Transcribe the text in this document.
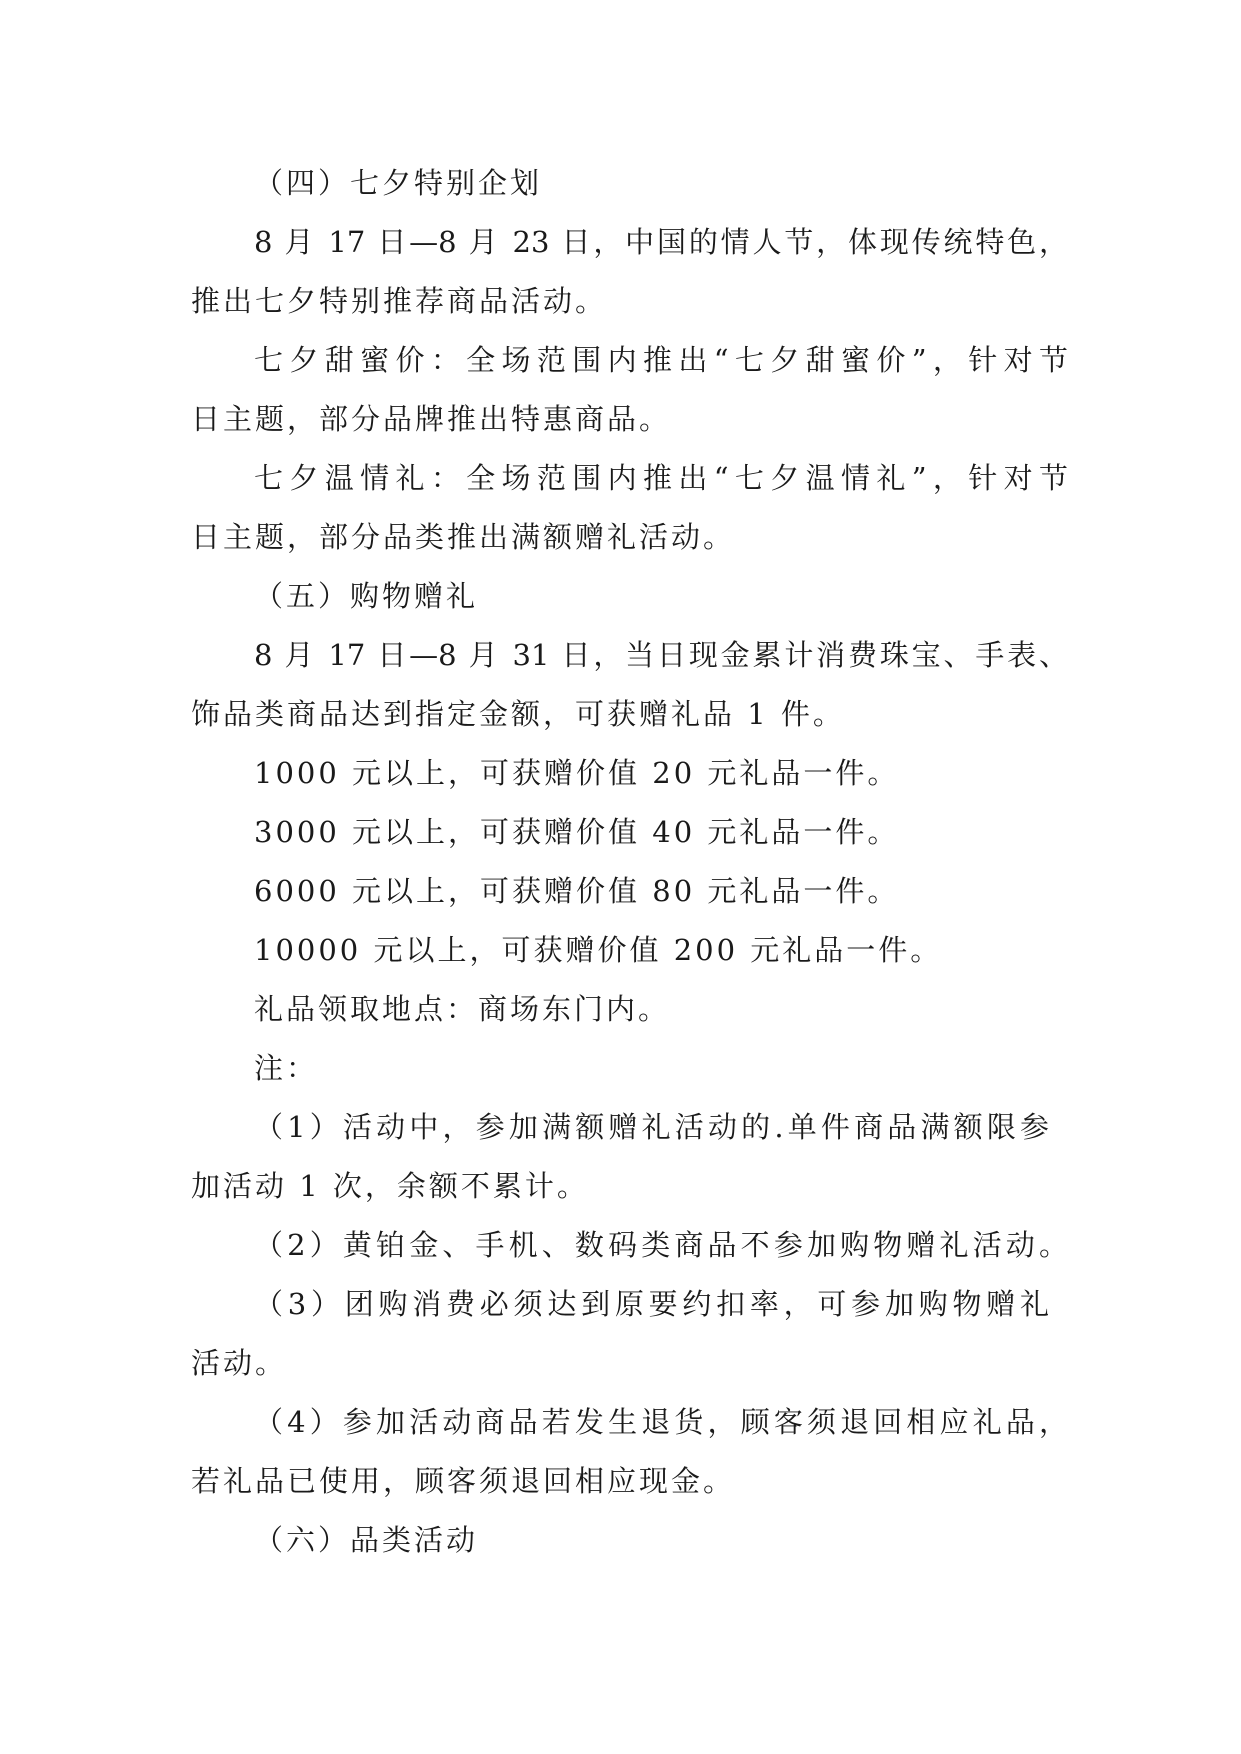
（四）七夕特别企划
8 月 17 日—8 月 23 日，中国的情人节，体现传统特色，
推出七夕特别推荐商品活动。
七夕甜蜜价：全场范围内推出“七夕甜蜜价”，针对节
日主题，部分品牌推出特惠商品。
七夕温情礼：全场范围内推出“七夕温情礼”，针对节
日主题，部分品类推出满额赠礼活动。
（五）购物赠礼
8 月 17 日—8 月 31 日，当日现金累计消费珠宝、手表、
饰品类商品达到指定金额，可获赠礼品 1 件。
1000 元以上，可获赠价值 20 元礼品一件。
3000 元以上，可获赠价值 40 元礼品一件。
6000 元以上，可获赠价值 80 元礼品一件。
10000 元以上，可获赠价值 200 元礼品一件。
礼品领取地点：商场东门内。
注：
（1）活动中，参加满额赠礼活动的.单件商品满额限参
加活动 1 次，余额不累计。
（2）黄铂金、手机、数码类商品不参加购物赠礼活动。
（3）团购消费必须达到原要约扣率，可参加购物赠礼
活动。
（4）参加活动商品若发生退货，顾客须退回相应礼品，
若礼品已使用，顾客须退回相应现金。
（六）品类活动
